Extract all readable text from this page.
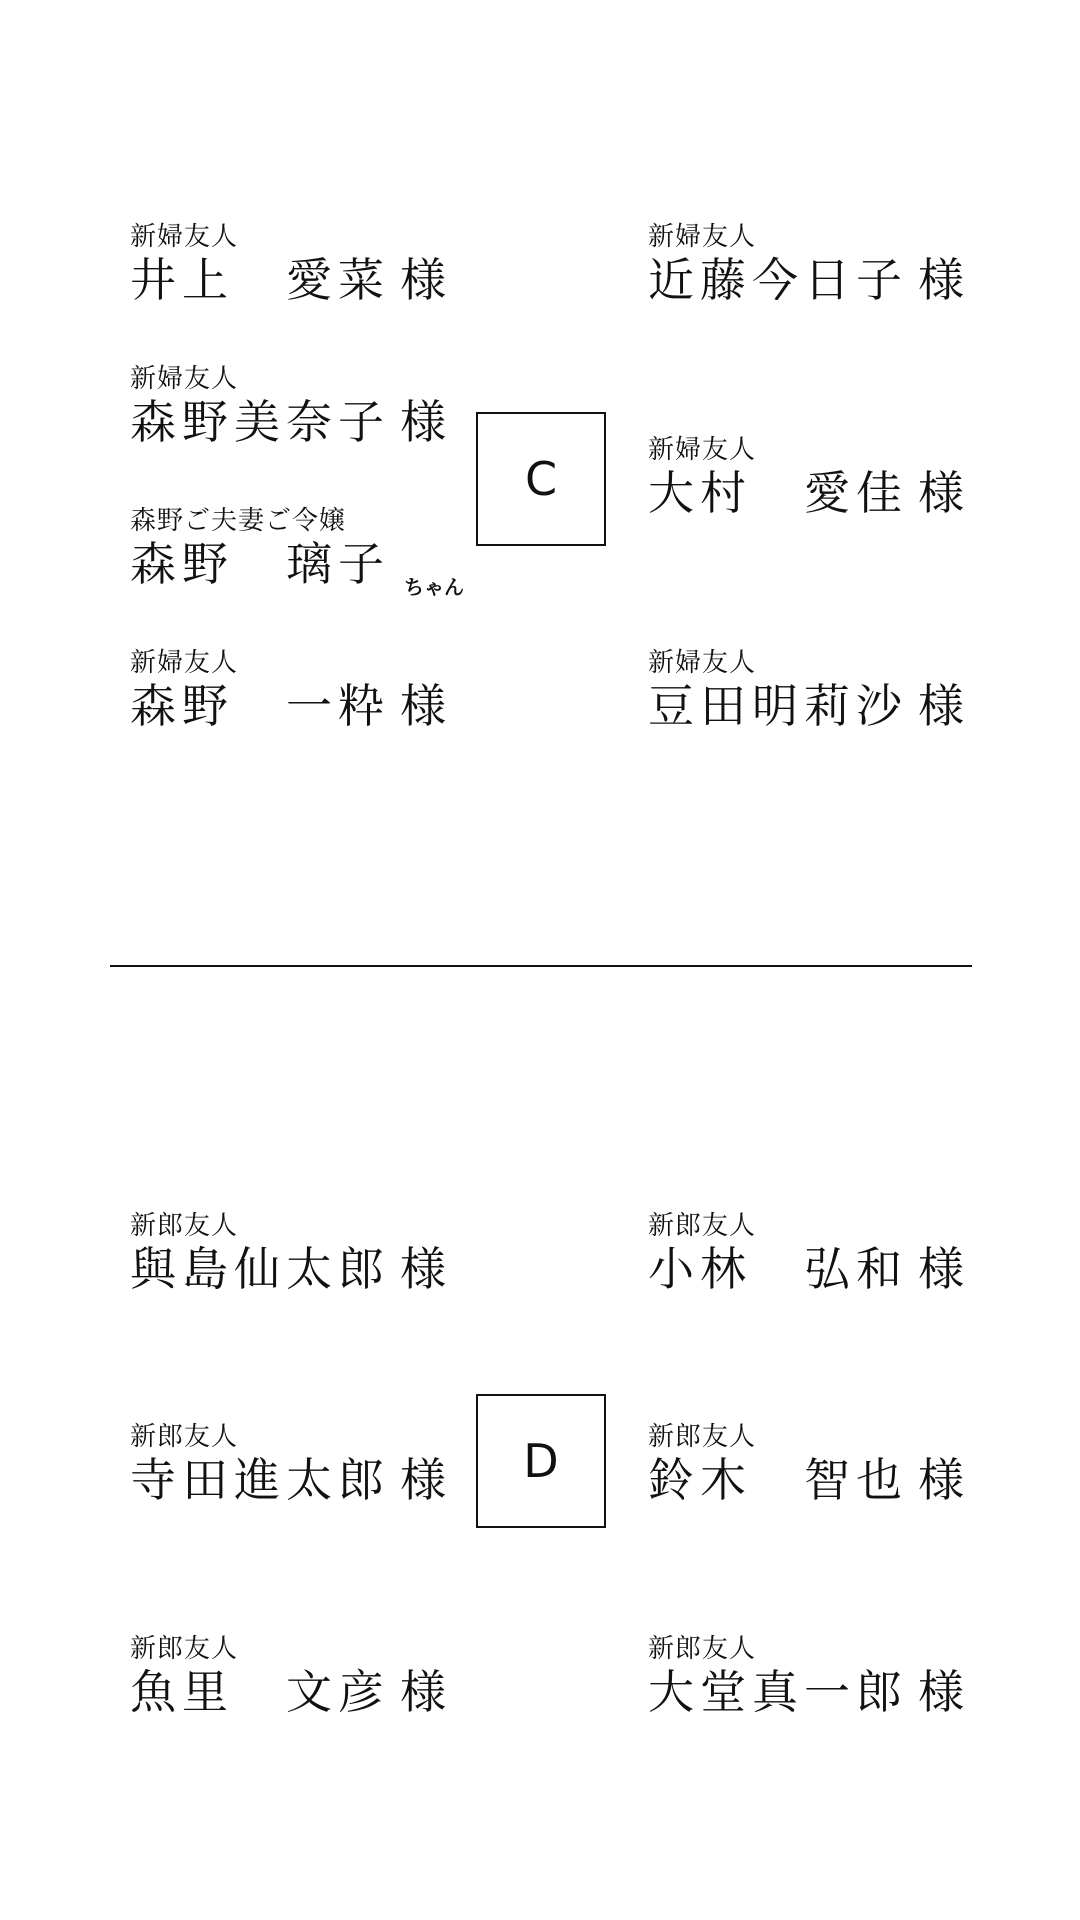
新婦友人
井上　愛菜 様
新婦友人
森野美奈子 様
森野ご夫妻ご令嬢
森野　璃子 ちゃん
新婦友人
森野　一粋 様
C
新婦友人
近藤今日子 様
新婦友人
大村　愛佳 様
新婦友人
豆田明莉沙 様
新郎友人
與島仙太郎 様
新郎友人
寺田進太郎 様
新郎友人
魚里　文彦 様
D
新郎友人
小林　弘和 様
新郎友人
鈴木　智也 様
新郎友人
大堂真一郎 様
